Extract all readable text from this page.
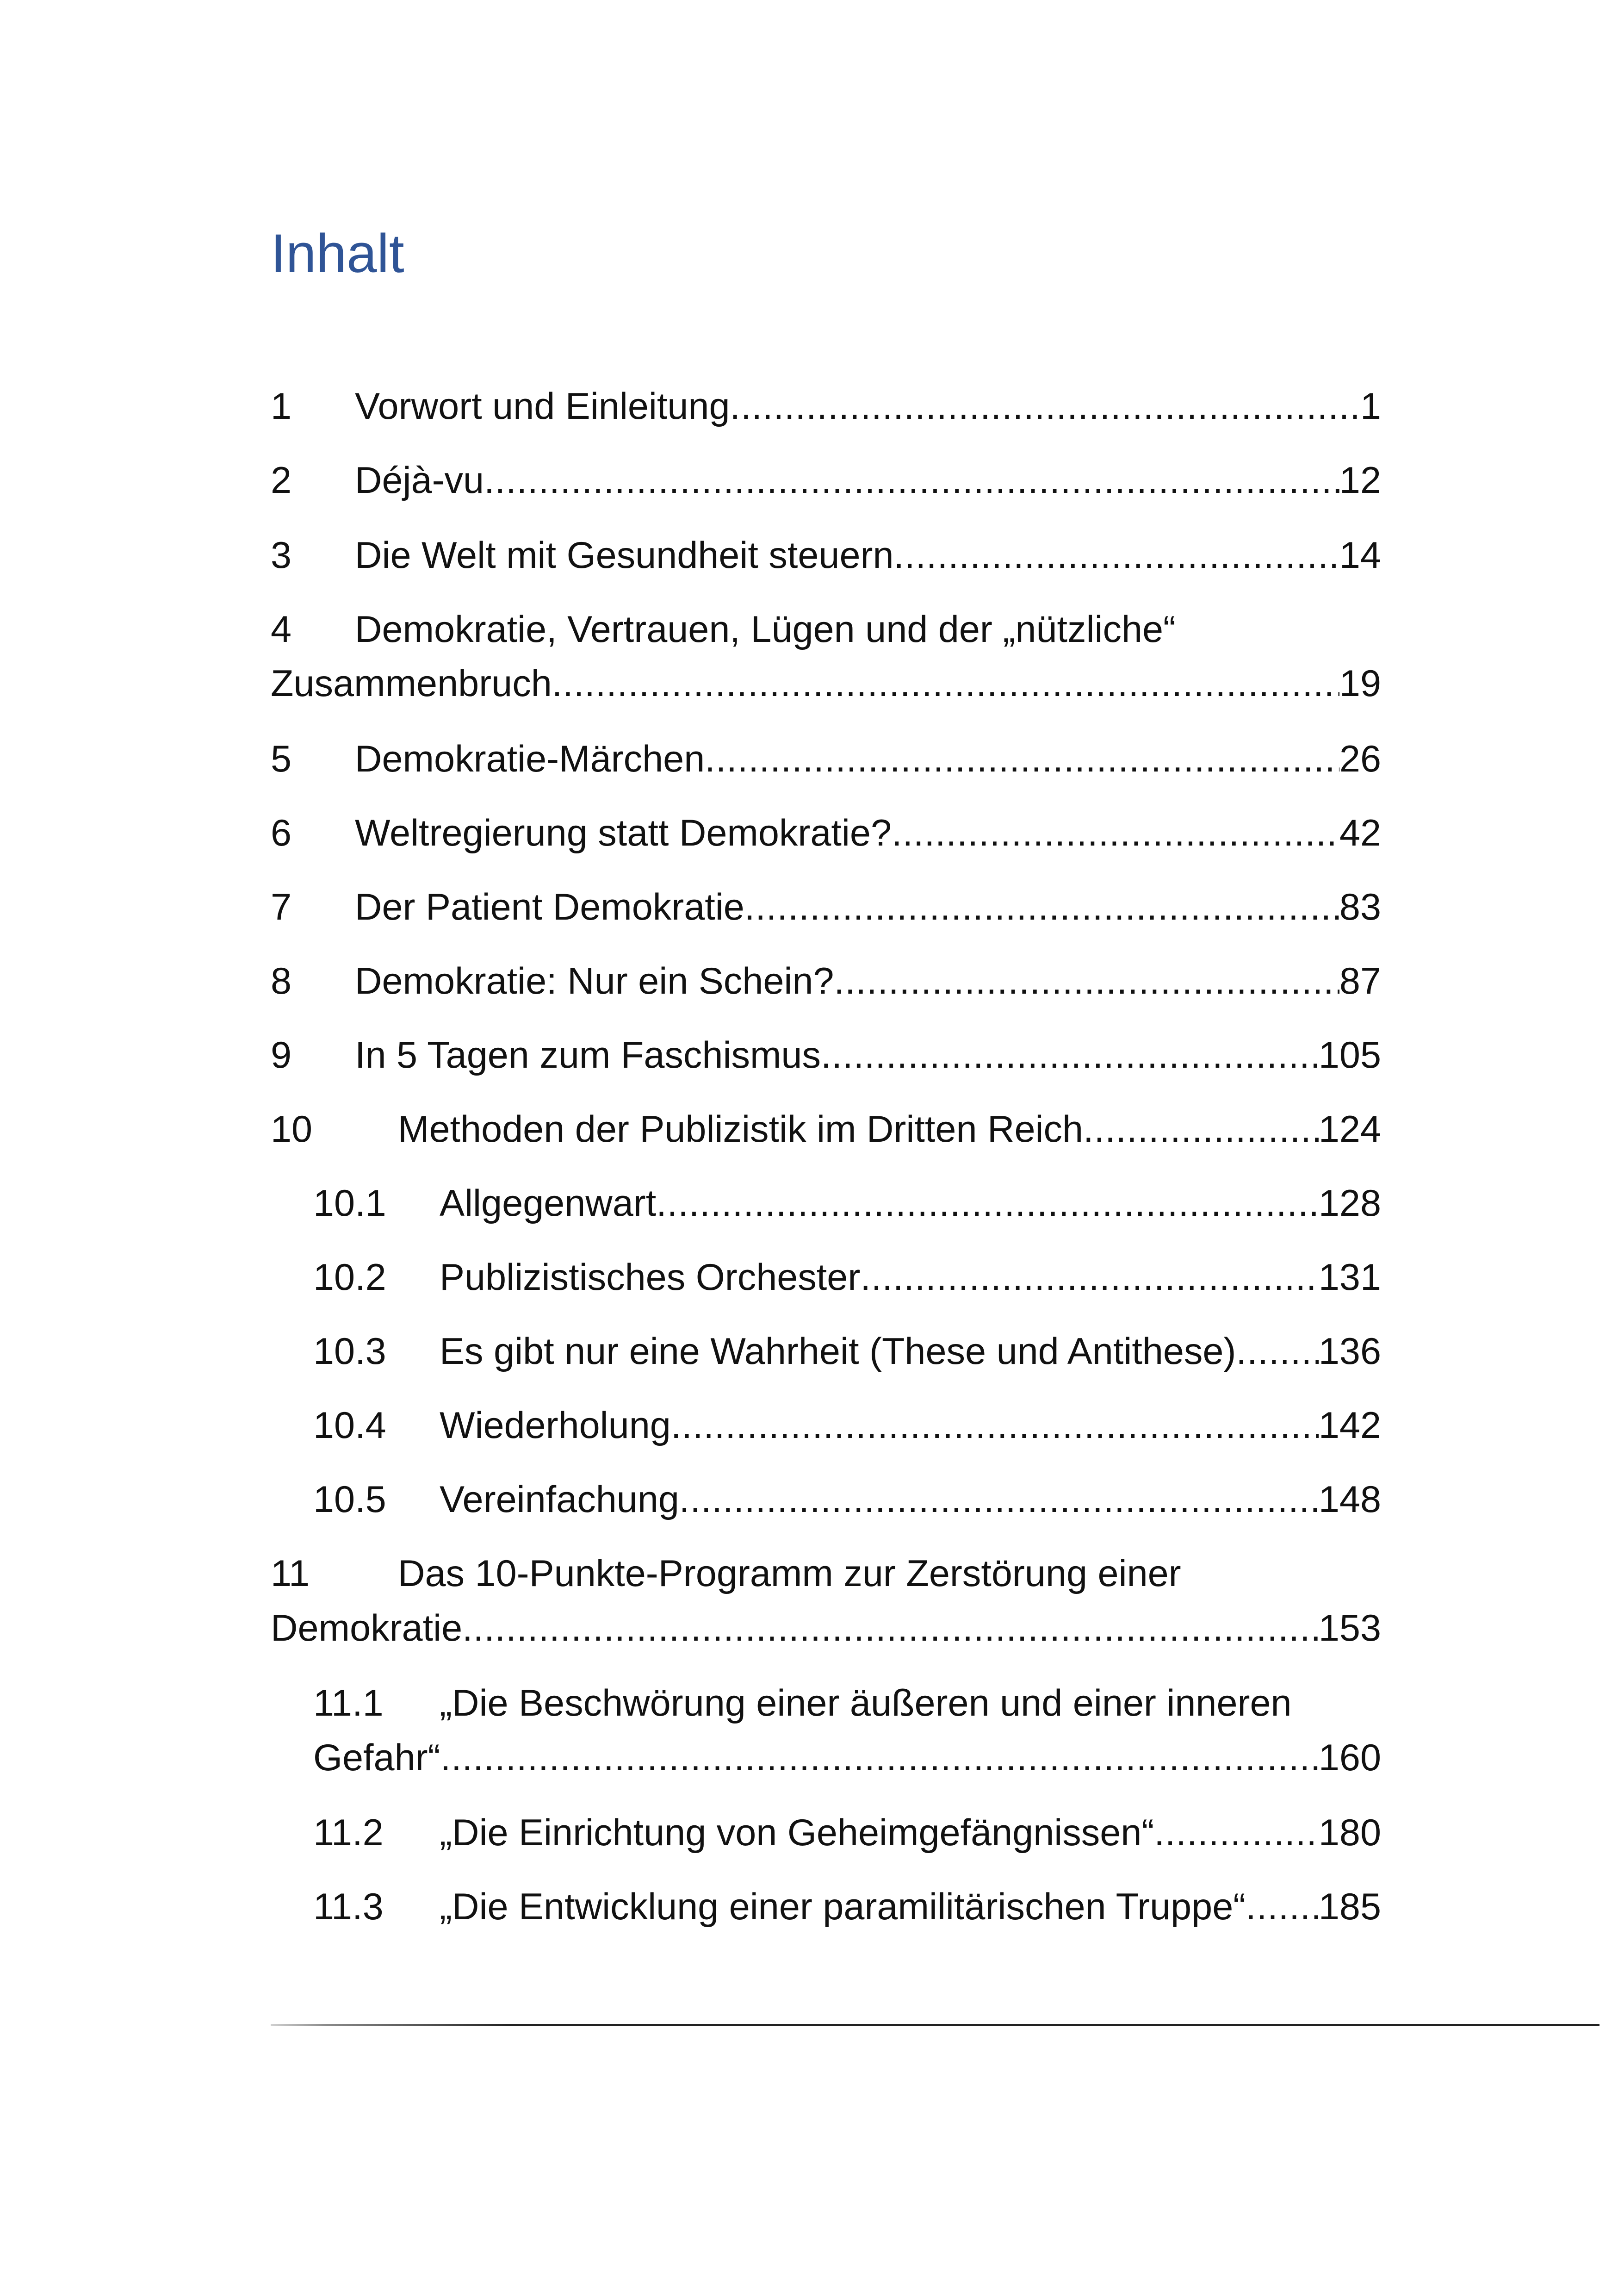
Inhalt
1	Vorwort und Einleitung .....	1
2	Déjà-vu .....	12
3	Die Welt mit Gesundheit steuern .....	14
4	Demokratie, Vertrauen, Lügen und der „nützliche“
Zusammenbruch .....	19
5	Demokratie-Märchen .....	26
6	Weltregierung statt Demokratie? .....	42
7	Der Patient Demokratie .....	83
8	Demokratie: Nur ein Schein? .....	87
9	In 5 Tagen zum Faschismus .....	105
10	Methoden der Publizistik im Dritten Reich .....	124
10.1	Allgegenwart .....	128
10.2	Publizistisches Orchester .....	131
10.3	Es gibt nur eine Wahrheit (These und Antithese) ..... 136
10.4	Wiederholung .....	142
10.5	Vereinfachung .....	148
11	Das 10-Punkte-Programm zur Zerstörung einer
Demokratie .....	153
11.1	„Die Beschwörung einer äußeren und einer inneren
Gefahr“ .....	160
11.2	„Die Einrichtung von Geheimgefängnissen“ .....	180
11.3	„Die Entwicklung einer paramilitärischen Truppe“ ..... 185
